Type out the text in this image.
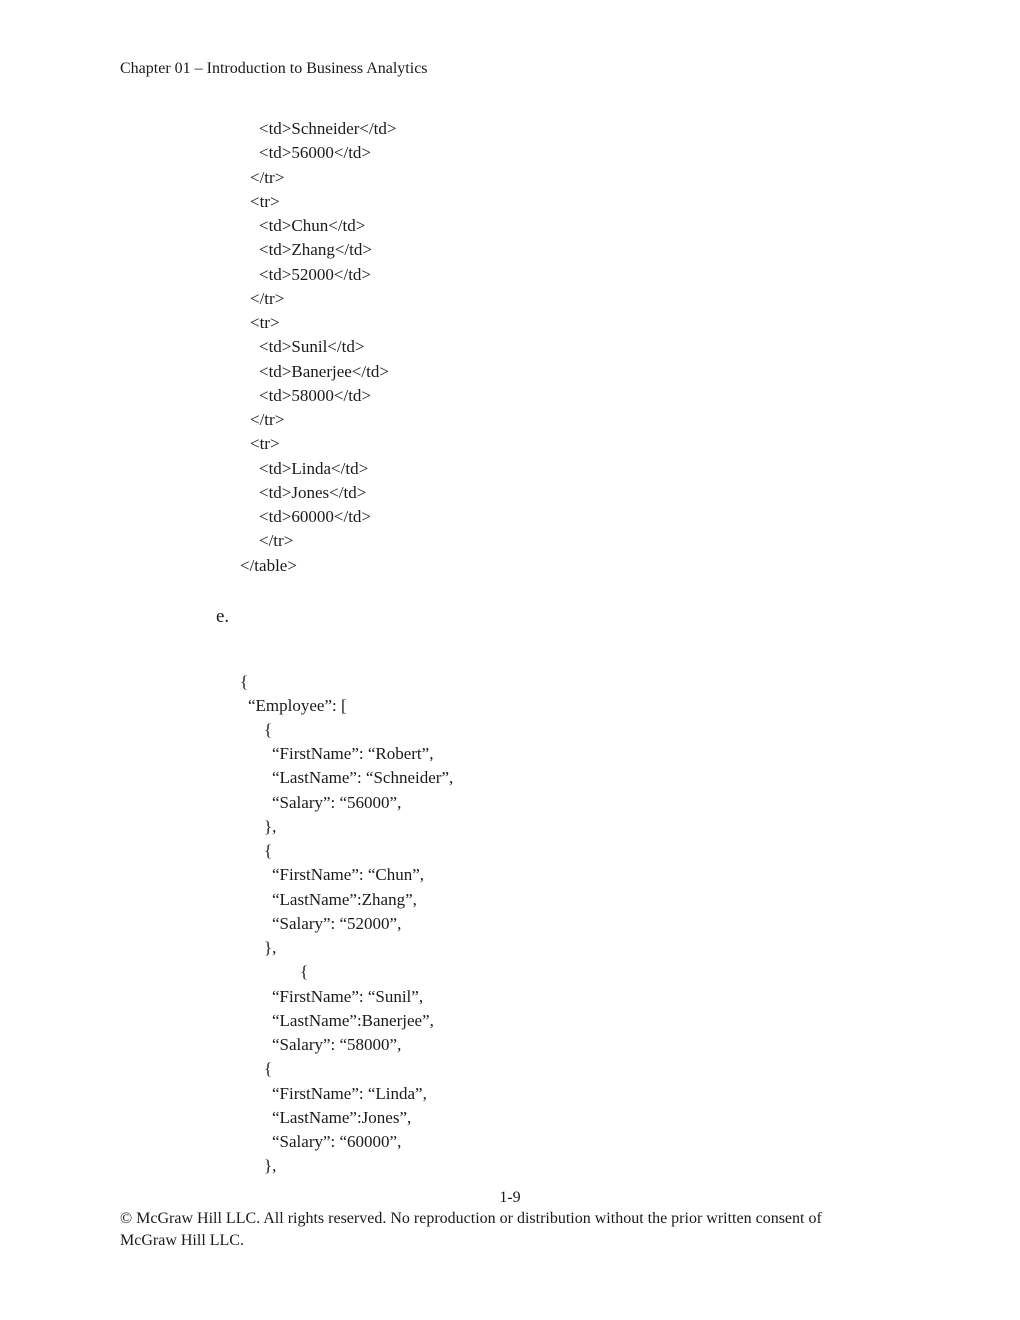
Chapter 01 – Introduction to Business Analytics
<td>Schneider</td>
<td>56000</td>
</tr>
<tr>
<td>Chun</td>
<td>Zhang</td>
<td>52000</td>
</tr>
<tr>
<td>Sunil</td>
<td>Banerjee</td>
<td>58000</td>
</tr>
<tr>
<td>Linda</td>
<td>Jones</td>
<td>60000</td>
</tr>
</table>
e.
{
“Employee”: [
{
“FirstName”: “Robert”,
“LastName”: “Schneider”,
“Salary”: “56000”,
},
{
“FirstName”: “Chun”,
“LastName”:Zhang”,
“Salary”: “52000”,
},
{
“FirstName”: “Sunil”,
“LastName”:Banerjee”,
“Salary”: “58000”,
{
“FirstName”: “Linda”,
“LastName”:Jones”,
“Salary”: “60000”,
},
1-9
© McGraw Hill LLC. All rights reserved. No reproduction or distribution without the prior written consent of McGraw Hill LLC.
